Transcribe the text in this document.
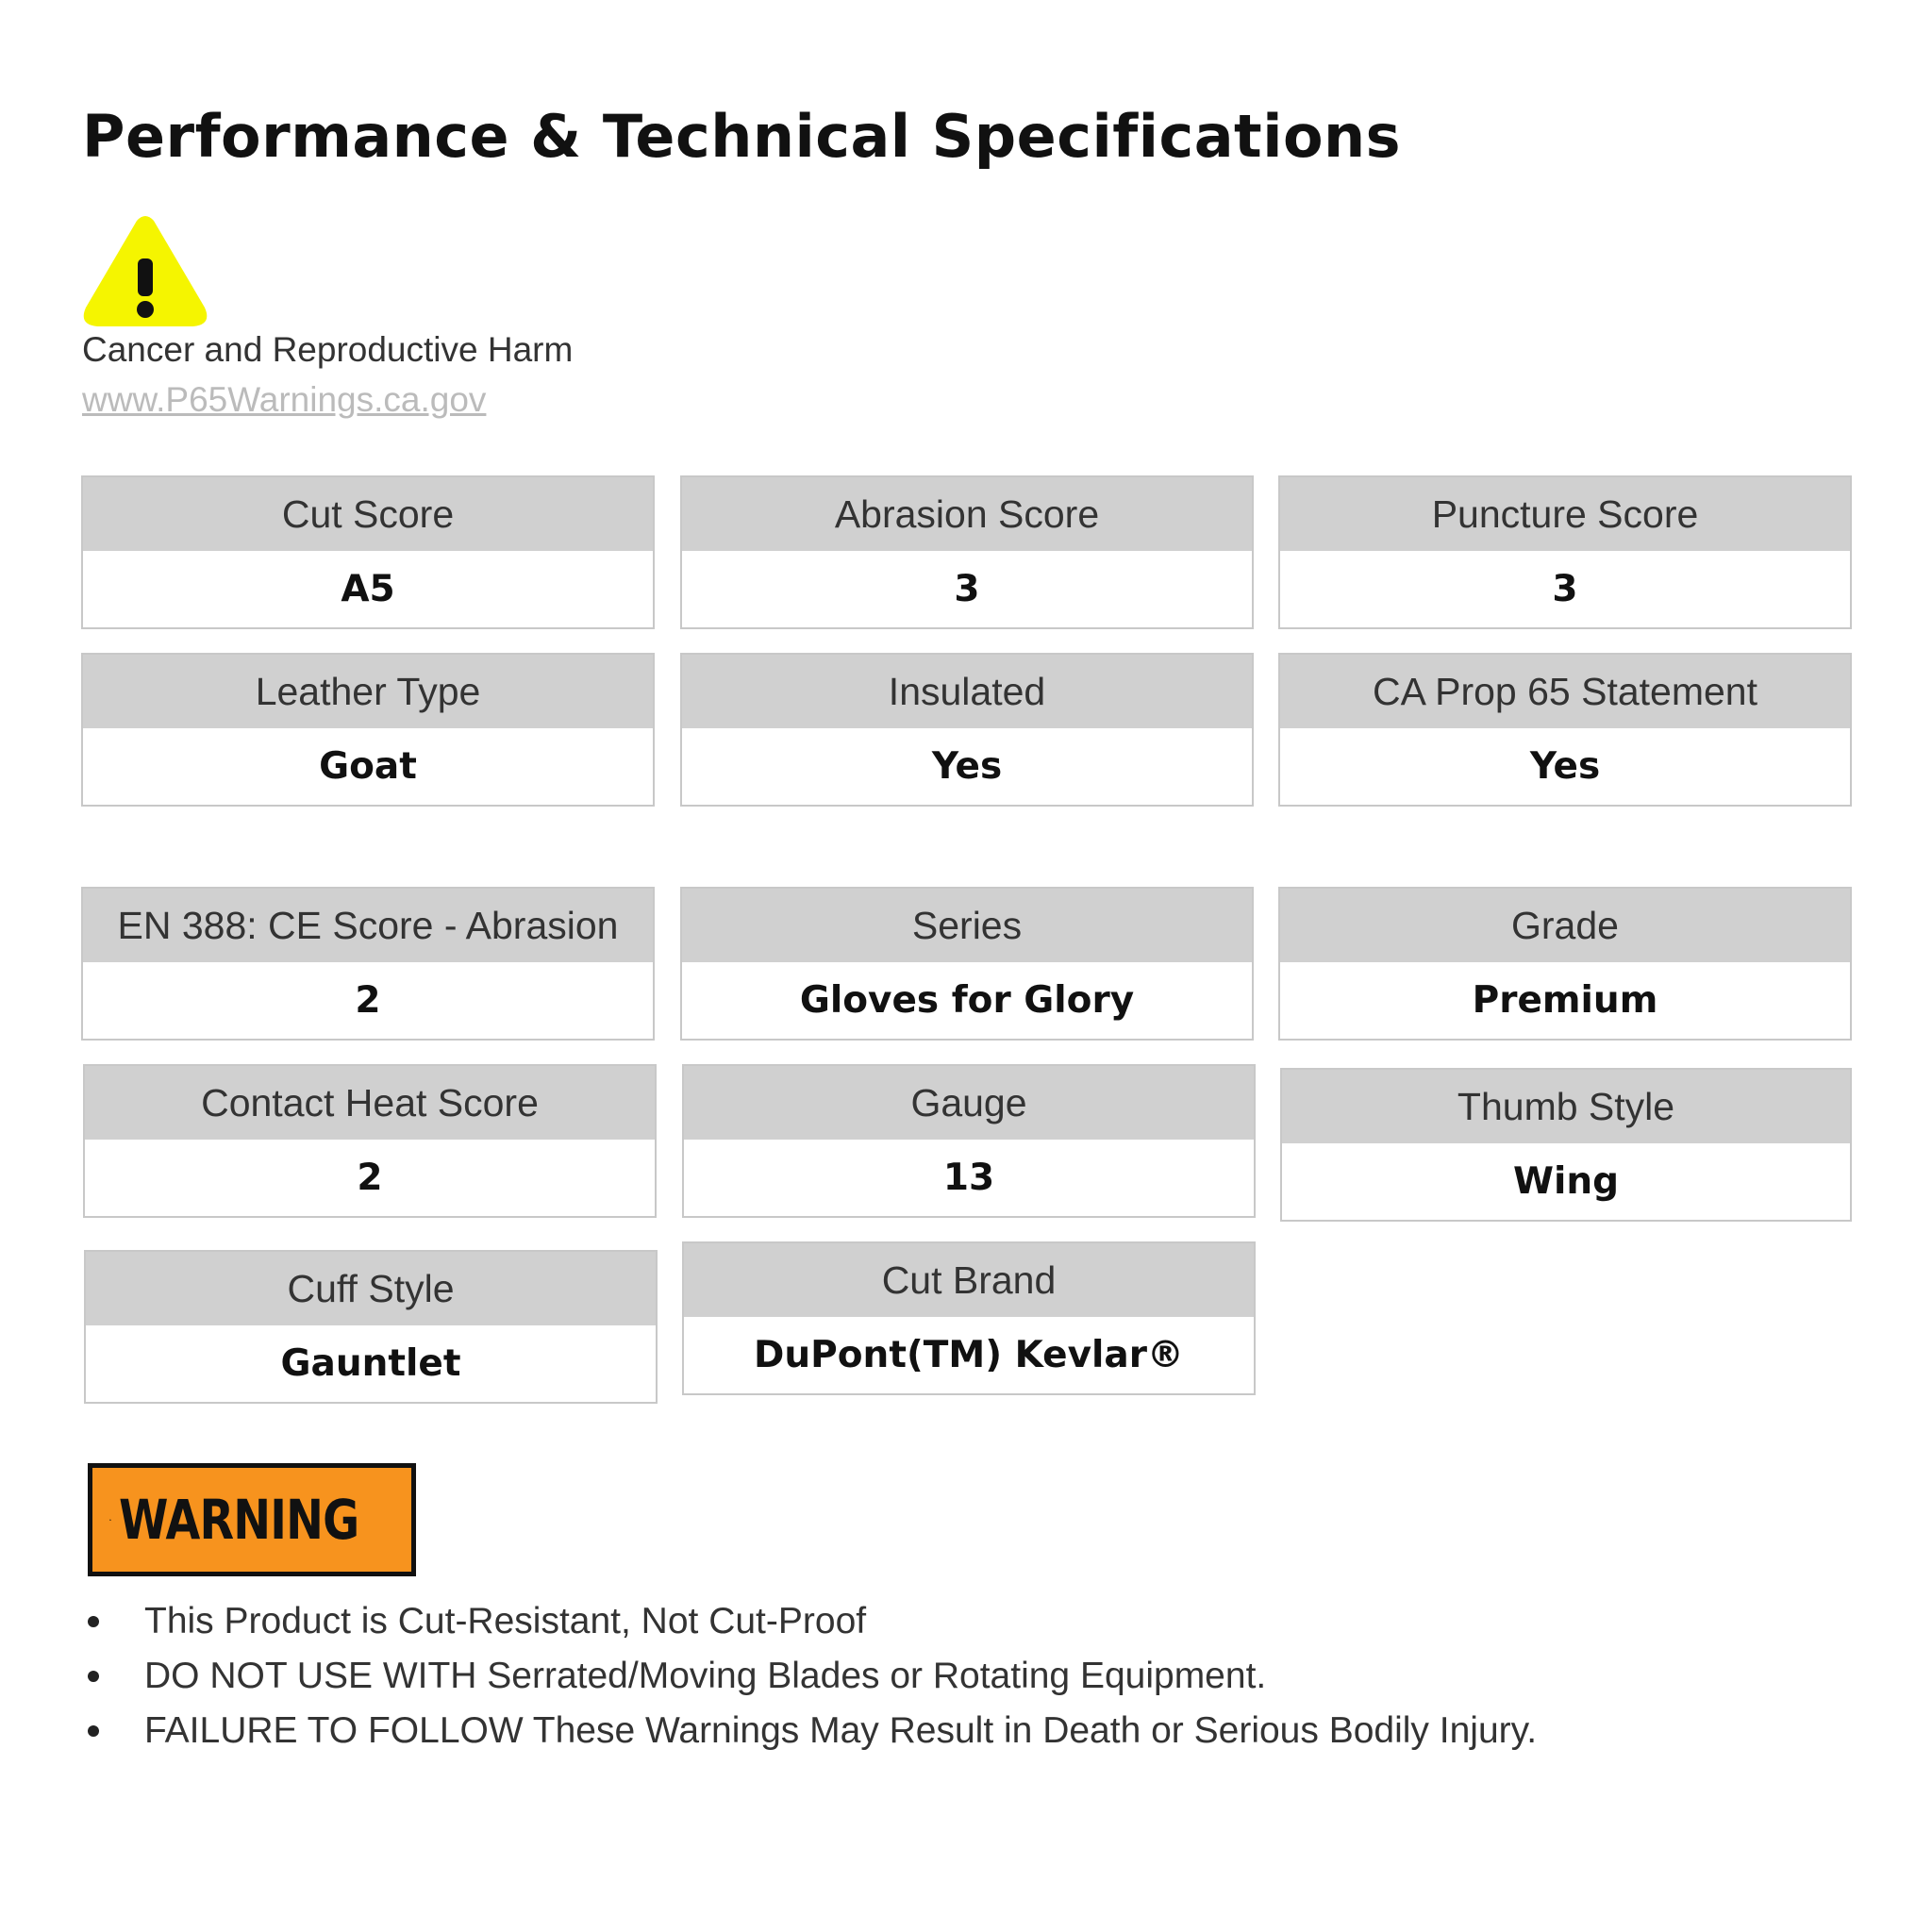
Performance & Technical Specifications
Cancer and Reproductive Harm
www.P65Warnings.ca.gov
Cut Score
A5
Abrasion Score
3
Puncture Score
3
Leather Type
Goat
Insulated
Yes
CA Prop 65 Statement
Yes
EN 388: CE Score - Abrasion
2
Series
Gloves for Glory
Grade
Premium
Contact Heat Score
2
Gauge
13
Thumb Style
Wing
Cuff Style
Gauntlet
Cut Brand
DuPont(TM) Kevlar®
WARNING
This Product is Cut-Resistant, Not Cut-Proof
DO NOT USE WITH Serrated/Moving Blades or Rotating Equipment.
FAILURE TO FOLLOW These Warnings May Result in Death or Serious Bodily Injury.
